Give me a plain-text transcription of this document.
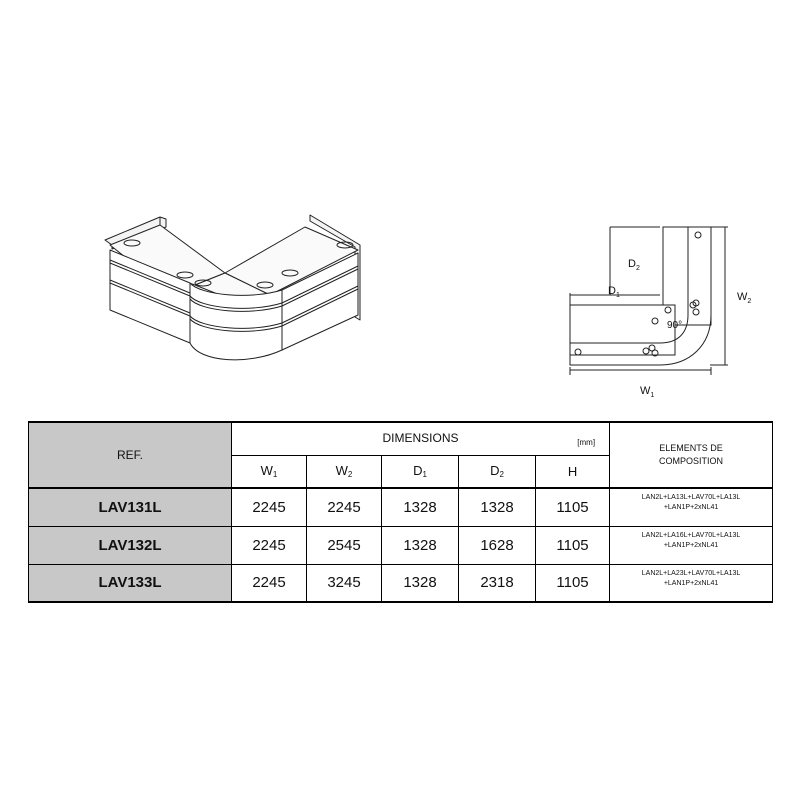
$D_2$
$D_1$	$W_2$
$W_1$
90°
REF.	DIMENSIONS [mm]					ELEMENTS DE
COMPOSITION

	$W_1$	$W_2$	$D_1$	$D_2$	H	
LAV131L	2245	2245	1328	1328	1105	LAN2L+LA13L+LAV70L+LA13L
+LAN1P+2xNL41

LAV132L	2245	2545	1328	1628	1105	LAN2L+LA16L+LAV70L+LA13L
+LAN1P+2xNL41

LAV133L	2245	3245	1328	2318	1105	LAN2L+LA23L+LAV70L+LA13L
+LAN1P+2xNL41
